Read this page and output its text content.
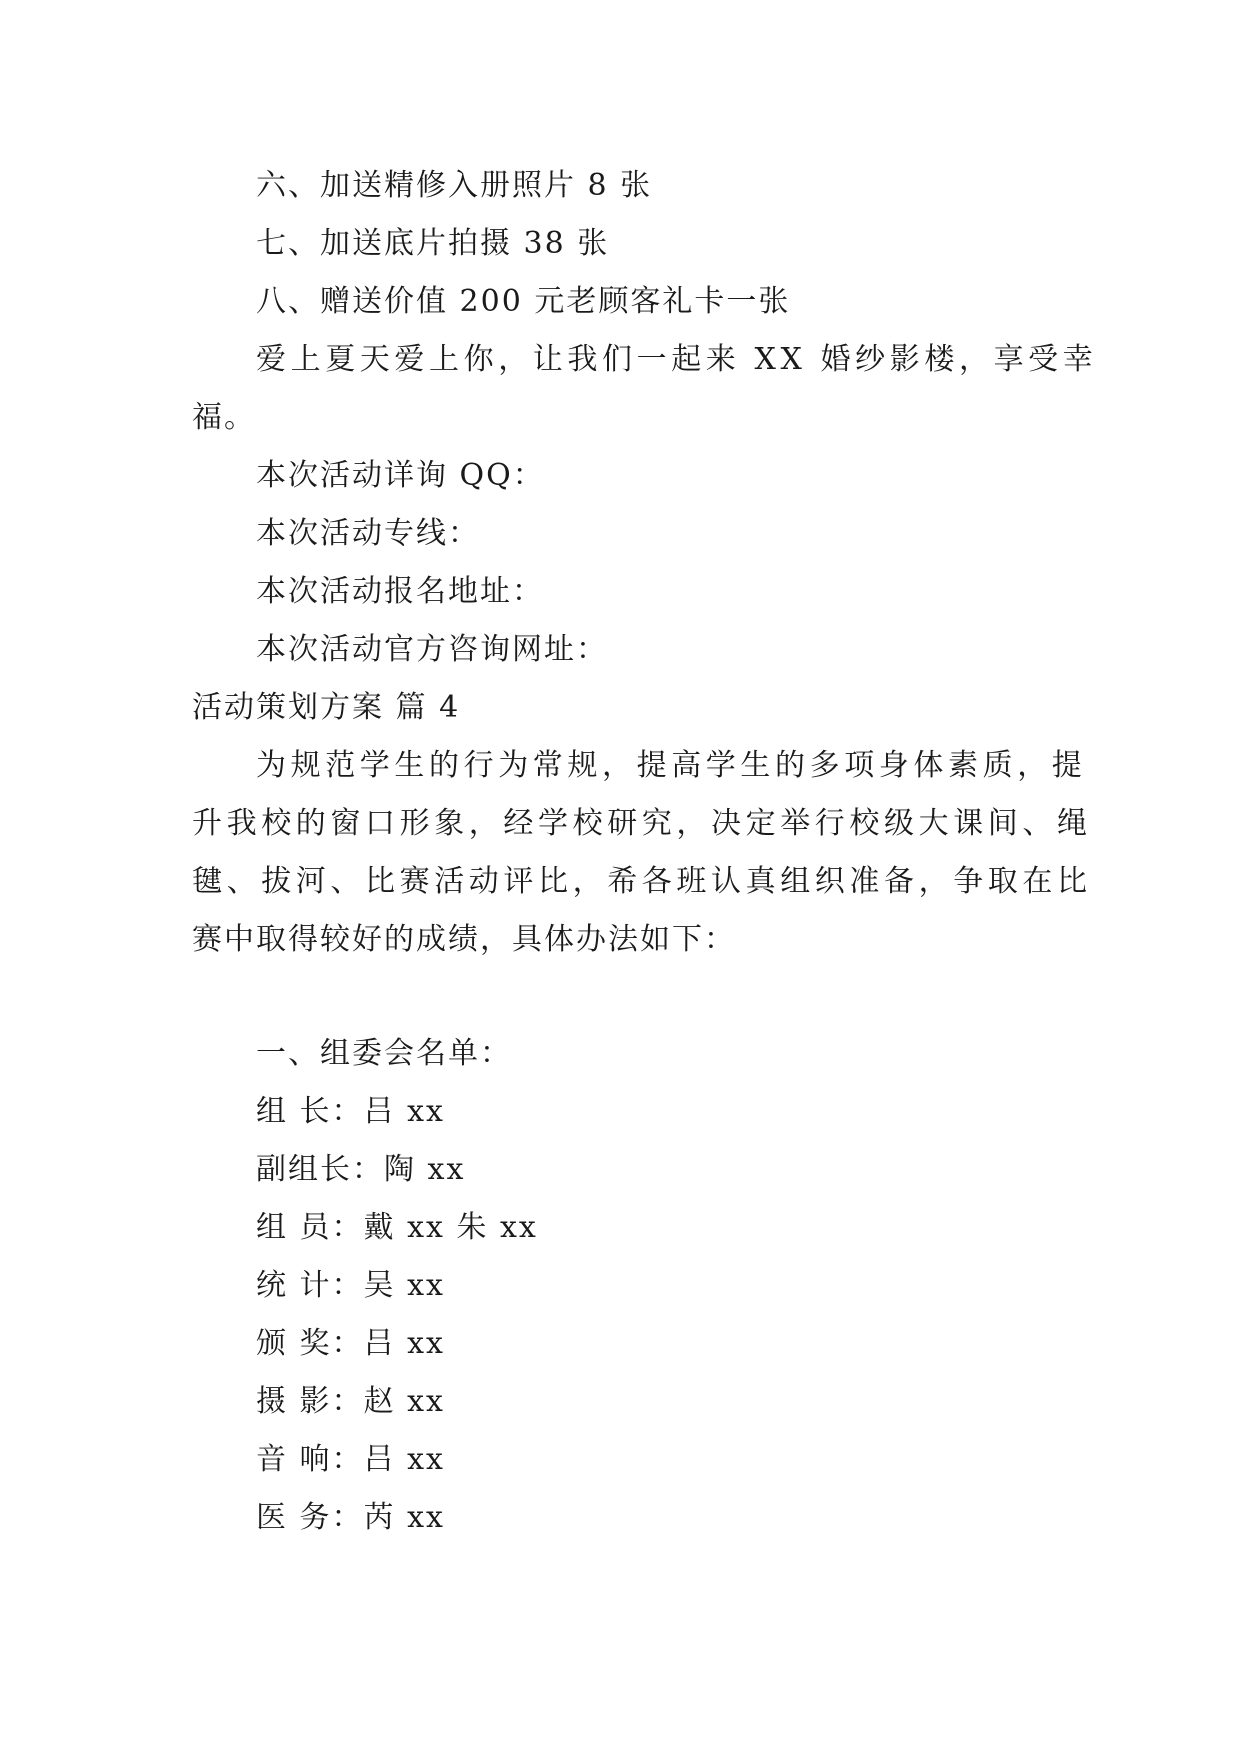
六、加送精修入册照片 8 张
七、加送底片拍摄 38 张
八、赠送价值 200 元老顾客礼卡一张
爱上夏天爱上你，让我们一起来 XX 婚纱影楼，享受幸
福。
本次活动详询 QQ：
本次活动专线：
本次活动报名地址：
本次活动官方咨询网址：
活动策划方案 篇 4
为规范学生的行为常规，提高学生的多项身体素质，提
升我校的窗口形象，经学校研究，决定举行校级大课间、绳
毽、拔河、比赛活动评比，希各班认真组织准备，争取在比
赛中取得较好的成绩，具体办法如下：
一、组委会名单：
组 长：吕 xx
副组长：陶 xx
组 员：戴 xx 朱 xx
统 计：吴 xx
颁 奖：吕 xx
摄 影：赵 xx
音 响：吕 xx
医 务：芮 xx
